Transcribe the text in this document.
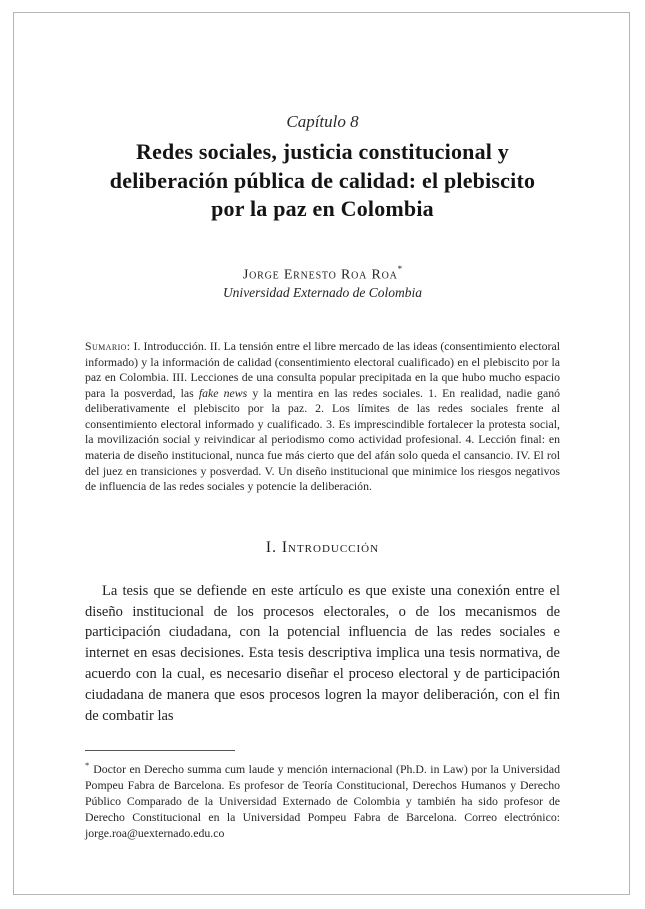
Capítulo 8
Redes sociales, justicia constitucional y
deliberación pública de calidad: el plebiscito
por la paz en Colombia
Jorge Ernesto Roa Roa*
Universidad Externado de Colombia
Sumario: I. Introducción. II. La tensión entre el libre mercado de las ideas (consentimiento electoral informado) y la información de calidad (consentimiento electoral cualificado) en el plebiscito por la paz en Colombia. III. Lecciones de una consulta popular precipitada en la que hubo mucho espacio para la posverdad, las fake news y la mentira en las redes sociales. 1. En realidad, nadie ganó deliberativamente el plebiscito por la paz. 2. Los límites de las redes sociales frente al consentimiento electoral informado y cualificado. 3. Es imprescindible fortalecer la protesta social, la movilización social y reivindicar al periodismo como actividad profesional. 4. Lección final: en materia de diseño institucional, nunca fue más cierto que del afán solo queda el cansancio. IV. El rol del juez en transiciones y posverdad. V. Un diseño institucional que minimice los riesgos negativos de influencia de las redes sociales y potencie la deliberación.
I. Introducción
La tesis que se defiende en este artículo es que existe una conexión entre el diseño institucional de los procesos electorales, o de los mecanismos de participación ciudadana, con la potencial influencia de las redes sociales e internet en esas decisiones. Esta tesis descriptiva implica una tesis normativa, de acuerdo con la cual, es necesario diseñar el proceso electoral y de participación ciudadana de manera que esos procesos logren la mayor deliberación, con el fin de combatir las
* Doctor en Derecho summa cum laude y mención internacional (Ph.D. in Law) por la Universidad Pompeu Fabra de Barcelona. Es profesor de Teoría Constitucional, Derechos Humanos y Derecho Público Comparado de la Universidad Externado de Colombia y también ha sido profesor de Derecho Constitucional en la Universidad Pompeu Fabra de Barcelona. Correo electrónico: jorge.roa@uexternado.edu.co
